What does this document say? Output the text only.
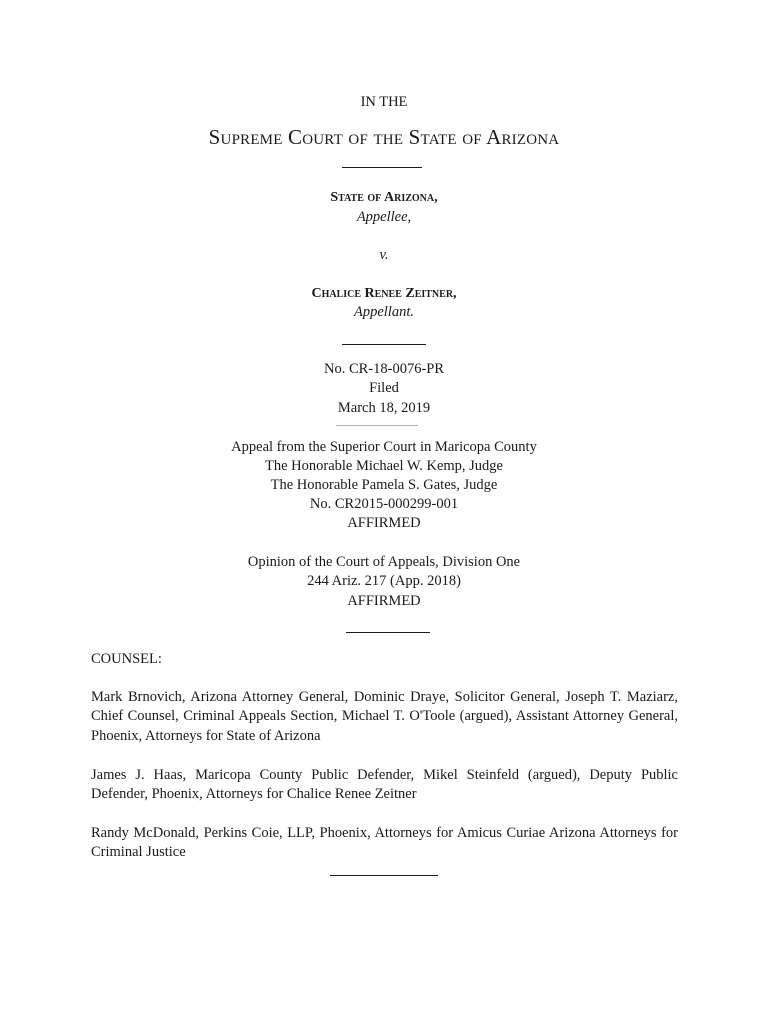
IN THE
Supreme Court of the State of Arizona
State of Arizona,
Appellee,
v.
Chalice Renee Zeitner,
Appellant.
No. CR-18-0076-PR
Filed
March 18, 2019
Appeal from the Superior Court in Maricopa County
The Honorable Michael W. Kemp, Judge
The Honorable Pamela S. Gates, Judge
No. CR2015-000299-001
AFFIRMED
Opinion of the Court of Appeals, Division One
244 Ariz. 217 (App. 2018)
AFFIRMED
COUNSEL:
Mark Brnovich, Arizona Attorney General, Dominic Draye, Solicitor General, Joseph T. Maziarz, Chief Counsel, Criminal Appeals Section, Michael T. O'Toole (argued), Assistant Attorney General, Phoenix, Attorneys for State of Arizona
James J. Haas, Maricopa County Public Defender, Mikel Steinfeld (argued), Deputy Public Defender, Phoenix, Attorneys for Chalice Renee Zeitner
Randy McDonald, Perkins Coie, LLP, Phoenix, Attorneys for Amicus Curiae Arizona Attorneys for Criminal Justice
